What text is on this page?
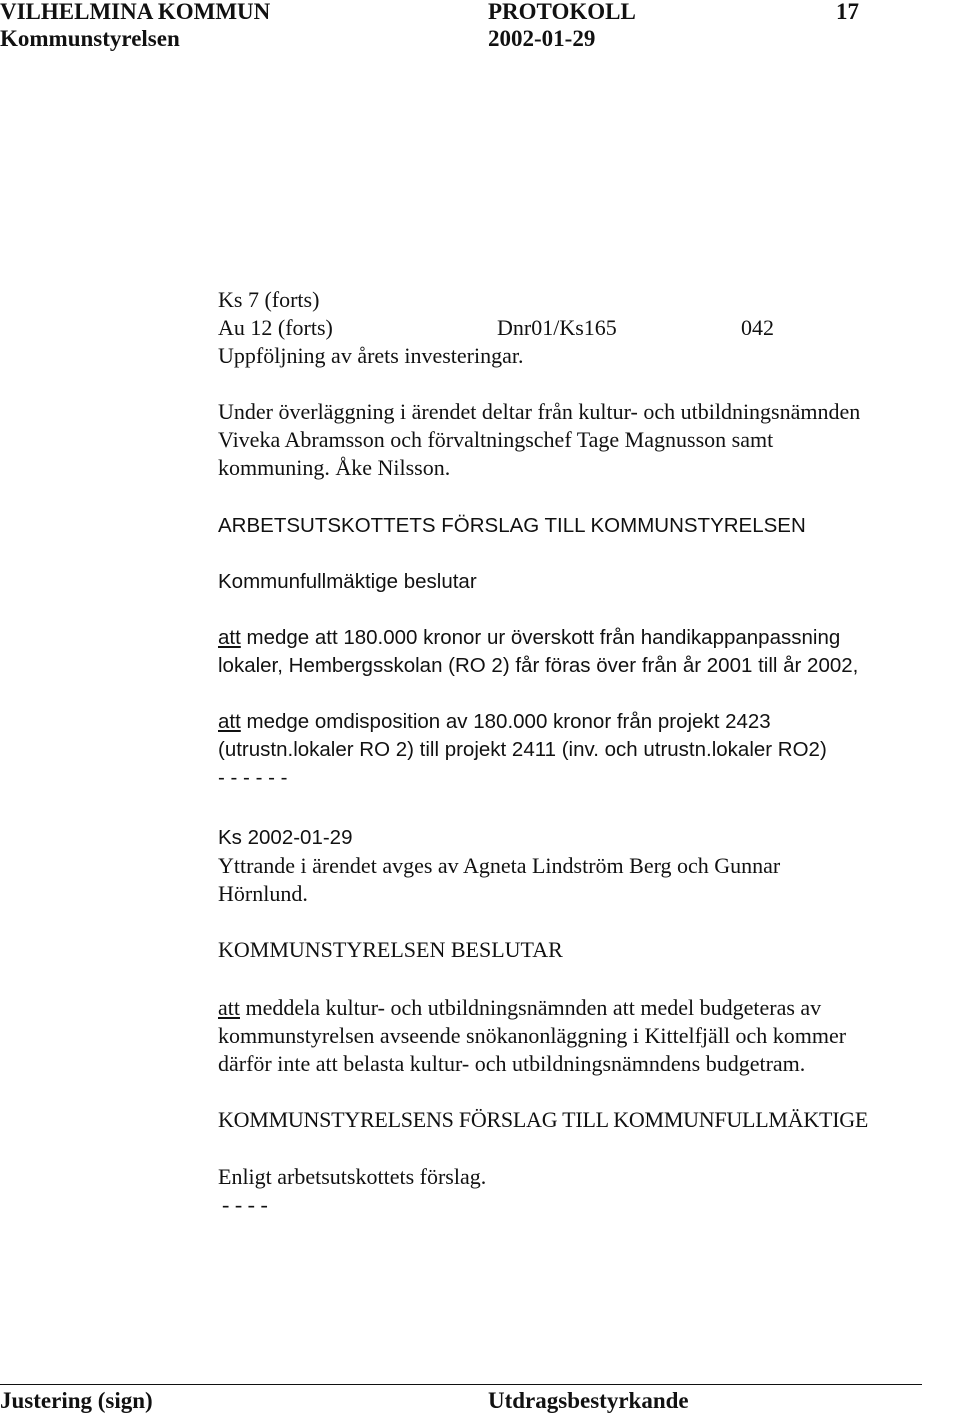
VILHELMINA KOMMUN	PROTOKOLL	17
Kommunstyrelsen	2002-01-29
Ks 7 (forts)
Au 12 (forts)	Dnr01/Ks165	042
Uppföljning av årets investeringar.
Under överläggning i ärendet deltar från kultur- och utbildningsnämnden
Viveka Abramsson och förvaltningschef Tage Magnusson samt
kommuning. Åke Nilsson.
ARBETSUTSKOTTETS FÖRSLAG TILL KOMMUNSTYRELSEN
Kommunfullmäktige beslutar
att medge att 180.000 kronor ur överskott från handikappanpassning
lokaler, Hembergsskolan (RO 2) får föras över från år 2001 till år 2002,
att medge omdisposition av 180.000 kronor från projekt 2423
(utrustn.lokaler RO 2) till projekt 2411 (inv. och utrustn.lokaler RO2)
- - - - - -
Ks 2002-01-29
Yttrande i ärendet avges av Agneta Lindström Berg och Gunnar
Hörnlund.
KOMMUNSTYRELSEN BESLUTAR
att meddela kultur- och utbildningsnämnden att medel budgeteras av
kommunstyrelsen avseende snökanonläggning i Kittelfjäll och kommer
därför inte att belasta kultur- och utbildningsnämndens budgetram.
KOMMUNSTYRELSENS FÖRSLAG TILL KOMMUNFULLMÄKTIGE
Enligt arbetsutskottets förslag.
- - - -
Justering (sign)	Utdragsbestyrkande
